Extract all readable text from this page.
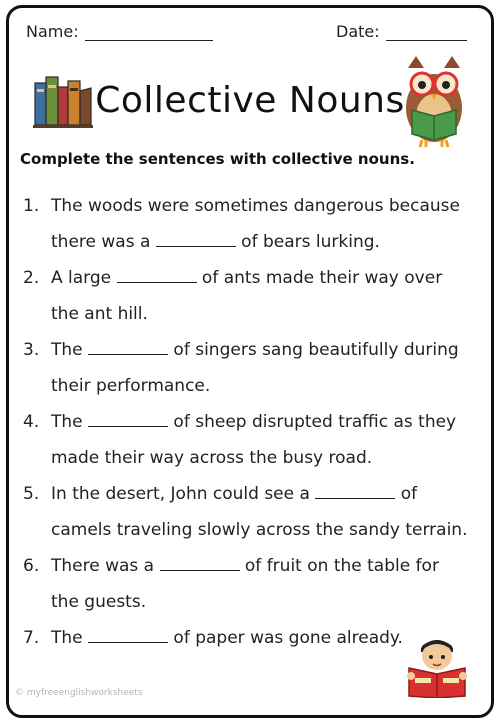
Name:	Date:
Collective Nouns
Complete the sentences with collective nouns.
1. The woods were sometimes dangerous because
there was a	of bears lurking.
2. A large	of ants made their way over
the ant hill.
3. The	of singers sang beautifully during
their performance.
4. The	of sheep disrupted traffic as they
made their way across the busy road.
5. In the desert, John could see a	of
camels traveling slowly across the sandy terrain.
6. There was a	of fruit on the table for
the guests.
7. The	of paper was gone already.
© myfreeenglishworksheets
